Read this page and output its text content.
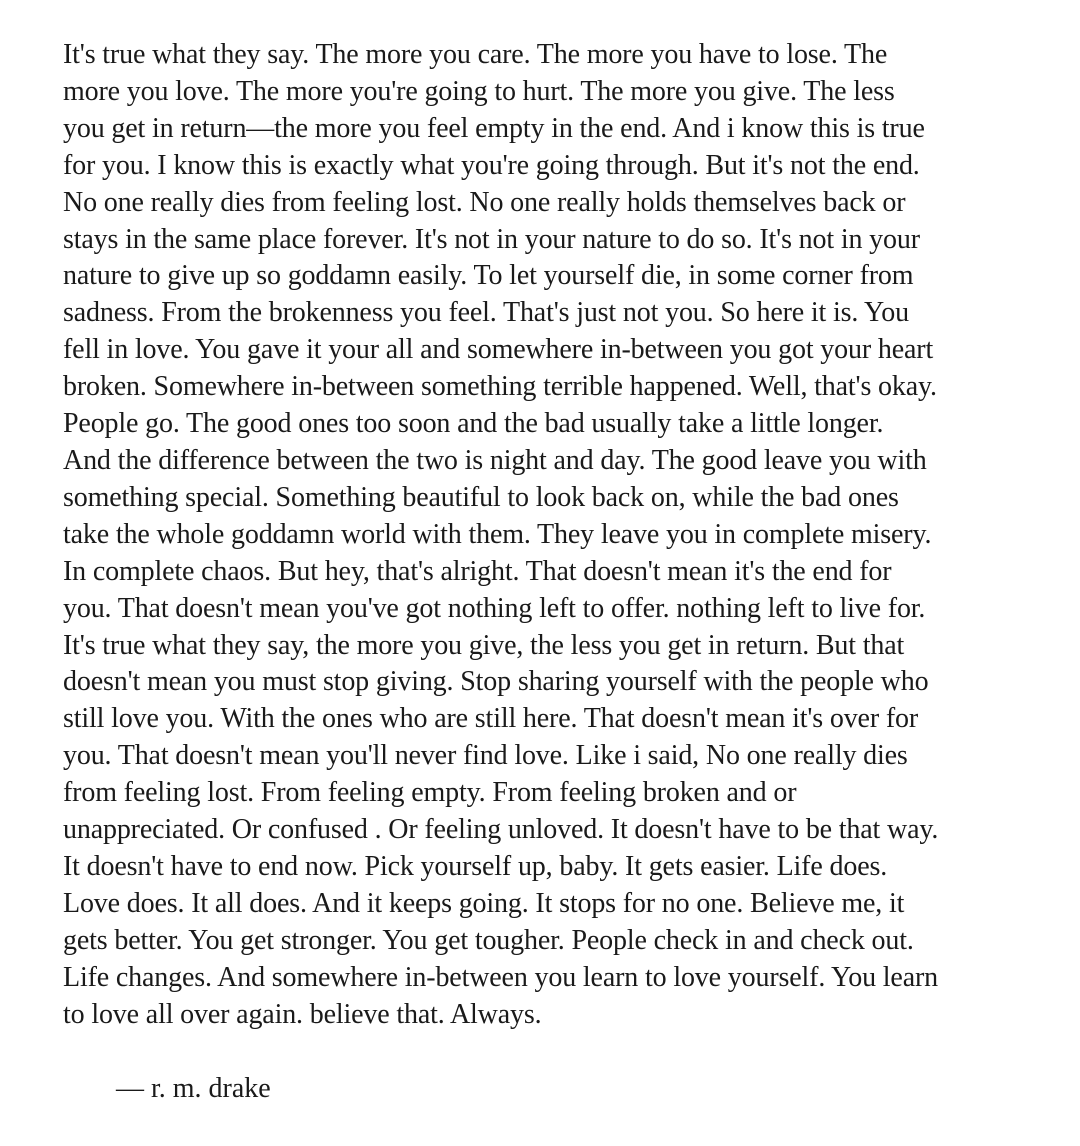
It's true what they say. The more you care. The more you have to lose. The
more you love. The more you're going to hurt. The more you give. The less
you get in return—the more you feel empty in the end. And i know this is true
for you. I know this is exactly what you're going through. But it's not the end.
No one really dies from feeling lost. No one really holds themselves back or
stays in the same place forever. It's not in your nature to do so. It's not in your
nature to give up so goddamn easily. To let yourself die, in some corner from
sadness. From the brokenness you feel. That's just not you. So here it is. You
fell in love. You gave it your all and somewhere in-between you got your heart
broken. Somewhere in-between something terrible happened. Well, that's okay.
People go. The good ones too soon and the bad usually take a little longer.
And the difference between the two is night and day. The good leave you with
something special. Something beautiful to look back on, while the bad ones
take the whole goddamn world with them. They leave you in complete misery.
In complete chaos. But hey, that's alright. That doesn't mean it's the end for
you. That doesn't mean you've got nothing left to offer. nothing left to live for.
It's true what they say, the more you give, the less you get in return. But that
doesn't mean you must stop giving. Stop sharing yourself with the people who
still love you. With the ones who are still here. That doesn't mean it's over for
you. That doesn't mean you'll never find love. Like i said, No one really dies
from feeling lost. From feeling empty. From feeling broken and or
unappreciated. Or confused . Or feeling unloved. It doesn't have to be that way.
It doesn't have to end now. Pick yourself up, baby. It gets easier. Life does.
Love does. It all does. And it keeps going. It stops for no one. Believe me, it
gets better. You get stronger. You get tougher. People check in and check out.
Life changes. And somewhere in-between you learn to love yourself. You learn
to love all over again. believe that. Always.
— r. m. drake
